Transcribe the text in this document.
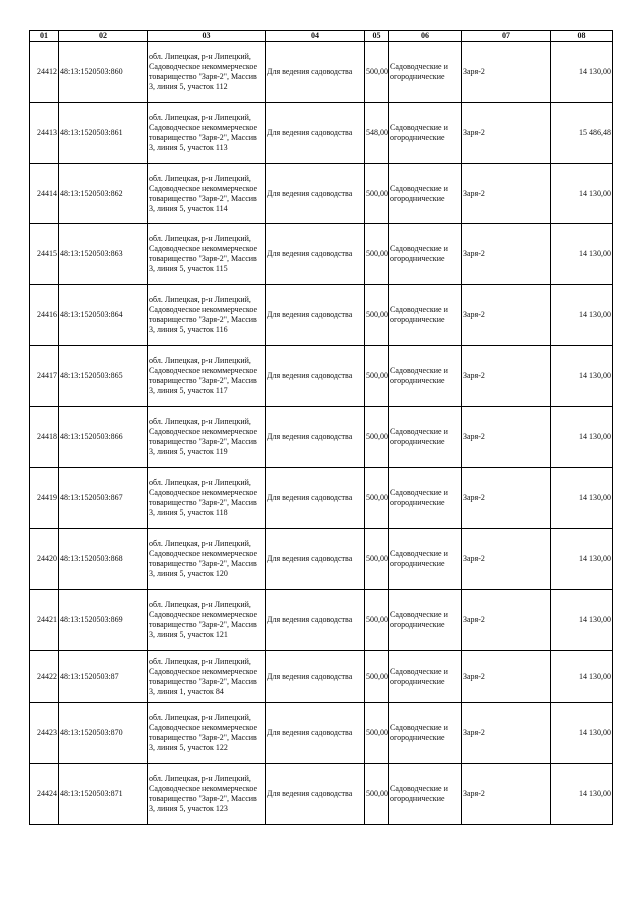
01	02	03	04	05	06	07	08
24412	48:13:1520503:860	обл. Липецкая, р-н Липецкий, Садоводческое некоммерческое товарищество "Заря-2", Массив 3, линия 5, участок 112	Для ведения садоводства	500,00	Садоводческие и огороднические	Заря-2	14 130,00
24413	48:13:1520503:861	обл. Липецкая, р-н Липецкий, Садоводческое некоммерческое товарищество "Заря-2", Массив 3, линия 5, участок 113	Для ведения садоводства	548,00	Садоводческие и огороднические	Заря-2	15 486,48
24414	48:13:1520503:862	обл. Липецкая, р-н Липецкий, Садоводческое некоммерческое товарищество "Заря-2", Массив 3, линия 5, участок 114	Для ведения садоводства	500,00	Садоводческие и огороднические	Заря-2	14 130,00
24415	48:13:1520503:863	обл. Липецкая, р-н Липецкий, Садоводческое некоммерческое товарищество "Заря-2", Массив 3, линия 5, участок 115	Для ведения садоводства	500,00	Садоводческие и огороднические	Заря-2	14 130,00
24416	48:13:1520503:864	обл. Липецкая, р-н Липецкий, Садоводческое некоммерческое товарищество "Заря-2", Массив 3, линия 5, участок 116	Для ведения садоводства	500,00	Садоводческие и огороднические	Заря-2	14 130,00
24417	48:13:1520503:865	обл. Липецкая, р-н Липецкий, Садоводческое некоммерческое товарищество "Заря-2", Массив 3, линия 5, участок 117	Для ведения садоводства	500,00	Садоводческие и огороднические	Заря-2	14 130,00
24418	48:13:1520503:866	обл. Липецкая, р-н Липецкий, Садоводческое некоммерческое товарищество "Заря-2", Массив 3, линия 5, участок 119	Для ведения садоводства	500,00	Садоводческие и огороднические	Заря-2	14 130,00
24419	48:13:1520503:867	обл. Липецкая, р-н Липецкий, Садоводческое некоммерческое товарищество "Заря-2", Массив 3, линия 5, участок 118	Для ведения садоводства	500,00	Садоводческие и огороднические	Заря-2	14 130,00
24420	48:13:1520503:868	обл. Липецкая, р-н Липецкий, Садоводческое некоммерческое товарищество "Заря-2", Массив 3, линия 5, участок 120	Для ведения садоводства	500,00	Садоводческие и огороднические	Заря-2	14 130,00
24421	48:13:1520503:869	обл. Липецкая, р-н Липецкий, Садоводческое некоммерческое товарищество "Заря-2", Массив 3, линия 5, участок 121	Для ведения садоводства	500,00	Садоводческие и огороднические	Заря-2	14 130,00
24422	48:13:1520503:87	обл. Липецкая, р-н Липецкий, Садоводческое некоммерческое товарищество "Заря-2", Массив 3, линия 1, участок 84	Для ведения садоводства	500,00	Садоводческие и огороднические	Заря-2	14 130,00
24423	48:13:1520503:870	обл. Липецкая, р-н Липецкий, Садоводческое некоммерческое товарищество "Заря-2", Массив 3, линия 5, участок 122	Для ведения садоводства	500,00	Садоводческие и огороднические	Заря-2	14 130,00
24424	48:13:1520503:871	обл. Липецкая, р-н Липецкий, Садоводческое некоммерческое товарищество "Заря-2", Массив 3, линия 5, участок 123	Для ведения садоводства	500,00	Садоводческие и огороднические	Заря-2	14 130,00
